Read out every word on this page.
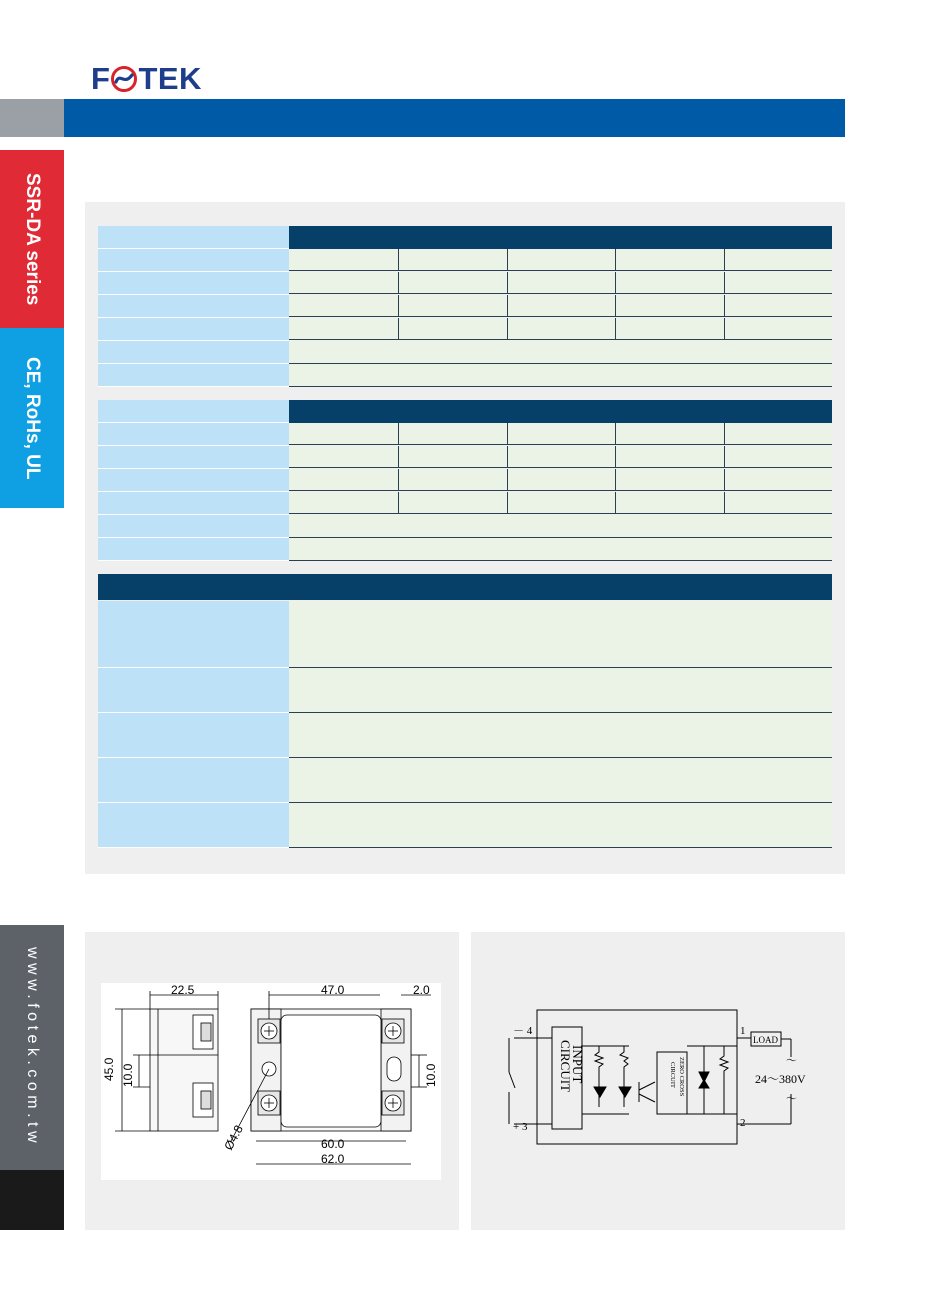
F TEK
SSR-DA series
CE, RoHs, UL
www.fotek.com.tw	22.5	47.0	2.0
45.0 10.0	10.0
Ø4.8	60.0
62.0
－ 4
+ 3
1
2
INPUT
CIRCUIT	ZERO CROSS
CIRCUIT
LOAD
24～380V
～
～
